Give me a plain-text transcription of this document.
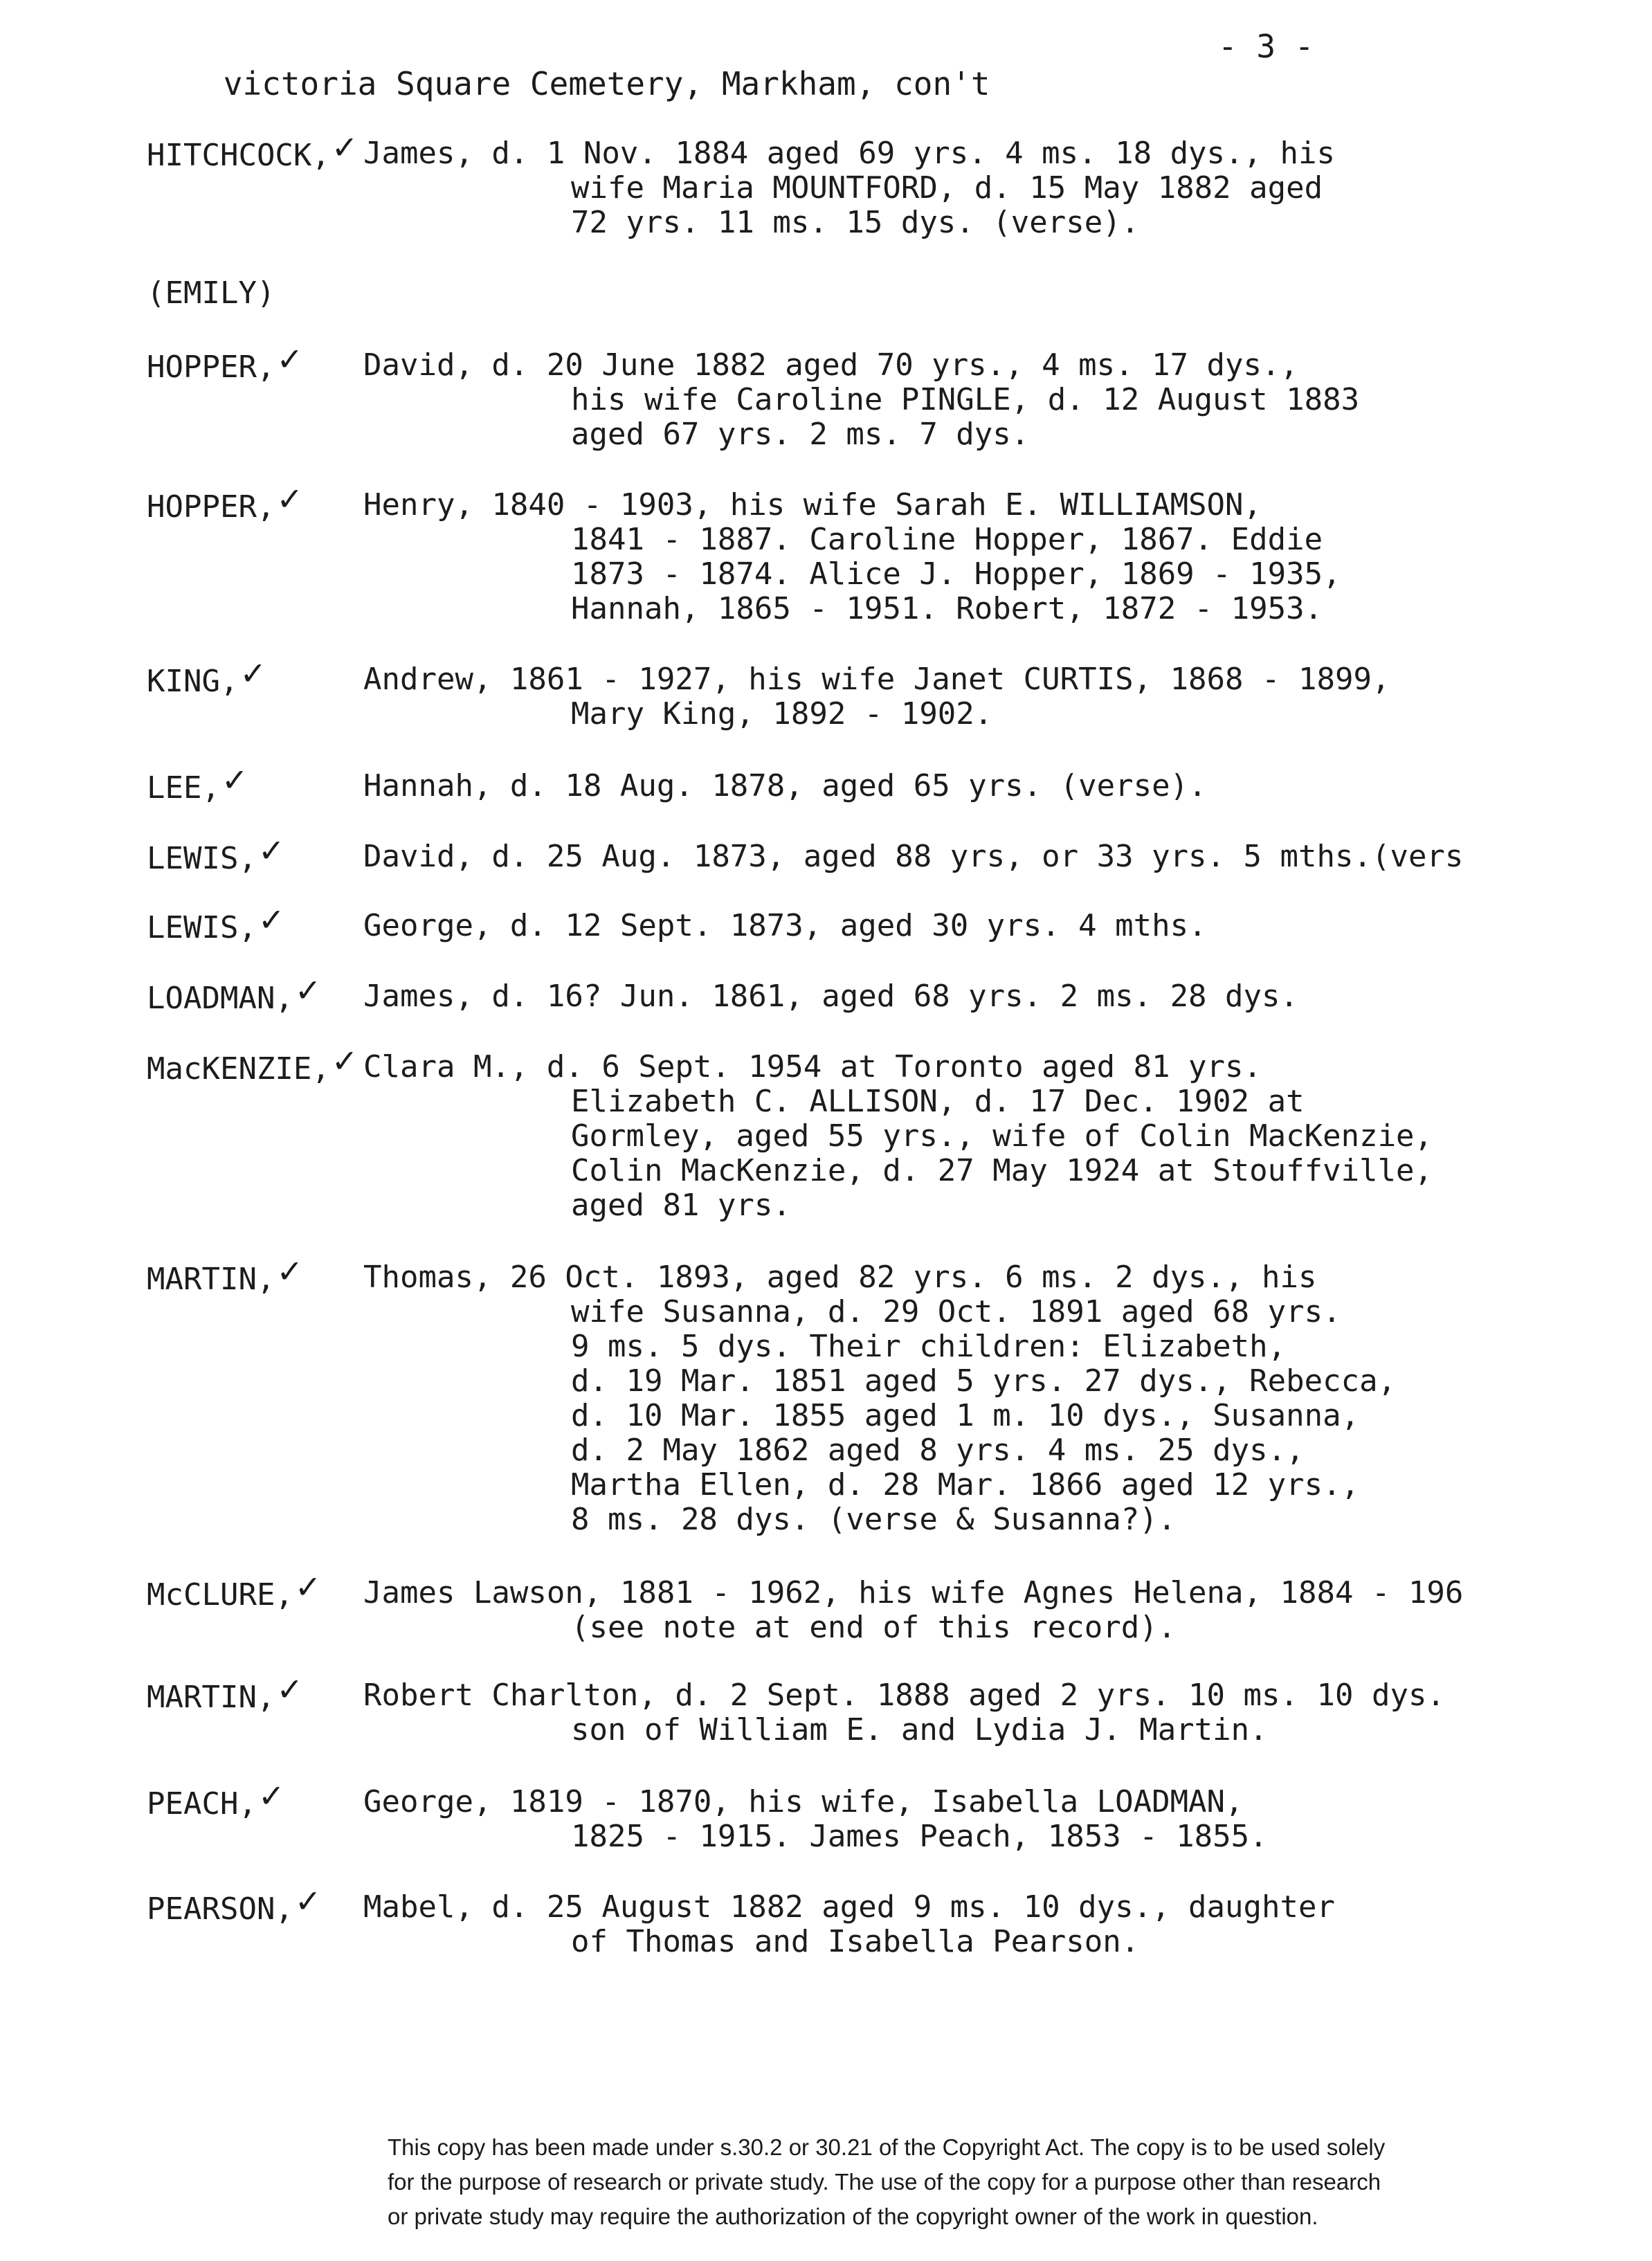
victoria Square Cemetery, Markham, con't

- 3 -

HITCHCOCK,✓ James, d. 1 Nov. 1884 aged 69 yrs. 4 ms. 18 dys., his
wife Maria MOUNTFORD, d. 15 May 1882 aged
72 yrs. 11 ms. 15 dys. (verse).
(EMILY)
HOPPER,✓ David, d. 20 June 1882 aged 70 yrs., 4 ms. 17 dys.,
his wife Caroline PINGLE, d. 12 August 1883
aged 67 yrs. 2 ms. 7 dys.
HOPPER,✓ Henry, 1840 - 1903, his wife Sarah E. WILLIAMSON,
1841 - 1887. Caroline Hopper, 1867. Eddie
1873 - 1874. Alice J. Hopper, 1869 - 1935,
Hannah, 1865 - 1951. Robert, 1872 - 1953.
KING,✓	Andrew, 1861 - 1927, his wife Janet CURTIS, 1868 - 1899,
Mary King, 1892 - 1902.
LEE,✓	Hannah, d. 18 Aug. 1878, aged 65 yrs. (verse).
LEWIS,✓	David, d. 25 Aug. 1873, aged 88 yrs, or 33 yrs. 5 mths.(vers
LEWIS,✓	George, d. 12 Sept. 1873, aged 30 yrs. 4 mths.
LOADMAN,✓ James, d. 16? Jun. 1861, aged 68 yrs. 2 ms. 28 dys.
MacKENZIE,✓ Clara M., d. 6 Sept. 1954 at Toronto aged 81 yrs.
Elizabeth C. ALLISON, d. 17 Dec. 1902 at
Gormley, aged 55 yrs., wife of Colin MacKenzie,
Colin MacKenzie, d. 27 May 1924 at Stouffville,
aged 81 yrs.
MARTIN,✓ Thomas, 26 Oct. 1893, aged 82 yrs. 6 ms. 2 dys., his
wife Susanna, d. 29 Oct. 1891 aged 68 yrs.
9 ms. 5 dys. Their children: Elizabeth,
d. 19 Mar. 1851 aged 5 yrs. 27 dys., Rebecca,
d. 10 Mar. 1855 aged 1 m. 10 dys., Susanna,
d. 2 May 1862 aged 8 yrs. 4 ms. 25 dys.,
Martha Ellen, d. 28 Mar. 1866 aged 12 yrs.,
8 ms. 28 dys. (verse & Susanna?).
McCLURE,✓ James Lawson, 1881 - 1962, his wife Agnes Helena, 1884 - 196
(see note at end of this record).
MARTIN,✓ Robert Charlton, d. 2 Sept. 1888 aged 2 yrs. 10 ms. 10 dys.
son of William E. and Lydia J. Martin.
PEACH,✓	George, 1819 - 1870, his wife, Isabella LOADMAN,
1825 - 1915. James Peach, 1853 - 1855.
PEARSON,✓ Mabel, d. 25 August 1882 aged 9 ms. 10 dys., daughter
of Thomas and Isabella Pearson.
This copy has been made under s.30.2 or 30.21 of the Copyright Act. The copy is to be used solely
for the purpose of research or private study. The use of the copy for a purpose other than research
or private study may require the authorization of the copyright owner of the work in question.
